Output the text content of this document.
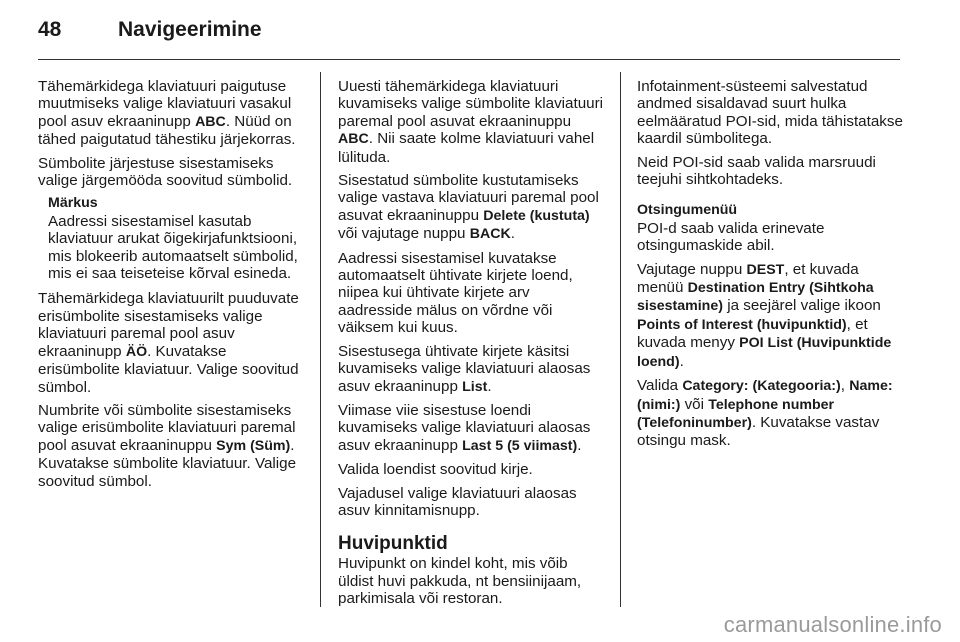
48	Navigeerimine

Tähemärkidega klaviatuuri paigutuse muutmiseks valige klaviatuuri vasakul pool asuv ekraaninupp ABC. Nüüd on tähed paigutatud tähestiku järjekorras.

Sümbolite järjestuse sisestamiseks valige järgemööda soovitud sümbolid.

Märkus
Aadressi sisestamisel kasutab klaviatuur arukat õigekirjafunktsiooni, mis blokeerib automaatselt sümbolid, mis ei saa teiseteise kõrval esineda.

Tähemärkidega klaviatuurilt puuduvate erisümbolite sisestamiseks valige klaviatuuri paremal pool asuv ekraaninupp ÄÖ. Kuvatakse erisümbolite klaviatuur. Valige soovitud sümbol.

Numbrite või sümbolite sisestamiseks valige erisümbolite klaviatuuri paremal pool asuvat ekraaninuppu Sym (Süm). Kuvatakse sümbolite klaviatuur. Valige soovitud sümbol.

Uuesti tähemärkidega klaviatuuri kuvamiseks valige sümbolite klaviatuuri paremal pool asuvat ekraaninuppu ABC. Nii saate kolme klaviatuuri vahel lülituda.

Sisestatud sümbolite kustutamiseks valige vastava klaviatuuri paremal pool asuvat ekraaninuppu Delete (kustuta) või vajutage nuppu BACK.

Aadressi sisestamisel kuvatakse automaatselt ühtivate kirjete loend, niipea kui ühtivate kirjete arv aadresside mälus on võrdne või väiksem kui kuus.

Sisestusega ühtivate kirjete käsitsi kuvamiseks valige klaviatuuri alaosas asuv ekraaninupp List.

Viimase viie sisestuse loendi kuvamiseks valige klaviatuuri alaosas asuv ekraaninupp Last 5 (5 viimast).

Valida loendist soovitud kirje.

Vajadusel valige klaviatuuri alaosas asuv kinnitamisnupp.

Huvipunktid

Huvipunkt on kindel koht, mis võib üldist huvi pakkuda, nt bensiinijaam, parkimisala või restoran.

Infotainment-süsteemi salvestatud andmed sisaldavad suurt hulka eelmääratud POI-sid, mida tähistatakse kaardil sümbolitega.

Neid POI-sid saab valida marsruudi teejuhi sihtkohtadeks.

Otsingumenüü

POI-d saab valida erinevate otsingumaskide abil.

Vajutage nuppu DEST, et kuvada menüü Destination Entry (Sihtkoha sisestamine) ja seejärel valige ikoon Points of Interest (huvipunktid), et kuvada menyy POI List (Huvipunktide loend).

Valida Category: (Kategooria:), Name: (nimi:) või Telephone number (Telefoninumber). Kuvatakse vastav otsingu mask.

carmanualsonline.info
